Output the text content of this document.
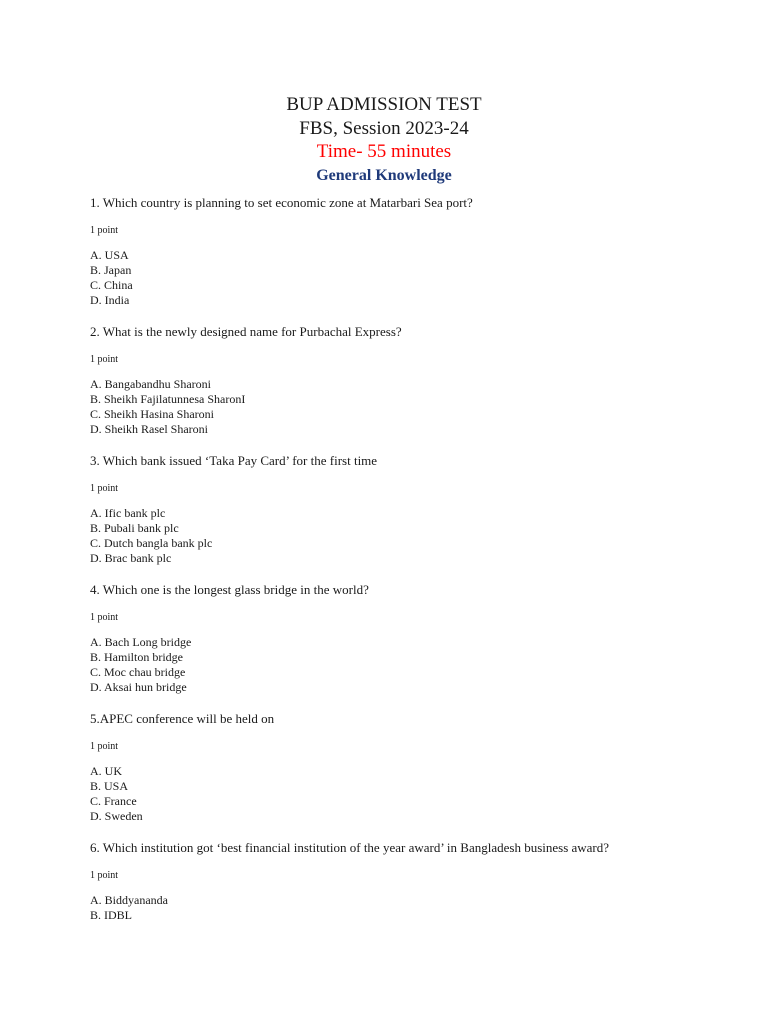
BUP ADMISSION TEST
FBS, Session 2023-24
Time- 55 minutes
General Knowledge

1. Which country is planning to set economic zone at Matarbari Sea port?

1 point
A. USA
B. Japan
C. China
D. India

2. What is the newly designed name for Purbachal Express?

1 point
A. Bangabandhu Sharoni
B. Sheikh Fajilatunnesa SharonI
C. Sheikh Hasina Sharoni
D. Sheikh Rasel Sharoni

3. Which bank issued ‘Taka Pay Card’ for the first time

1 point
A. Ific bank plc
B. Pubali bank plc
C. Dutch bangla bank plc
D. Brac bank plc

4. Which one is the longest glass bridge in the world?

1 point
A. Bach Long bridge
B. Hamilton bridge
C. Moc chau bridge
D. Aksai hun bridge

5.APEC conference will be held on

1 point
A. UK
B. USA
C. France
D. Sweden

6. Which institution got ‘best financial institution of the year award’ in Bangladesh business award?

1 point
A. Biddyananda
B. IDBL
